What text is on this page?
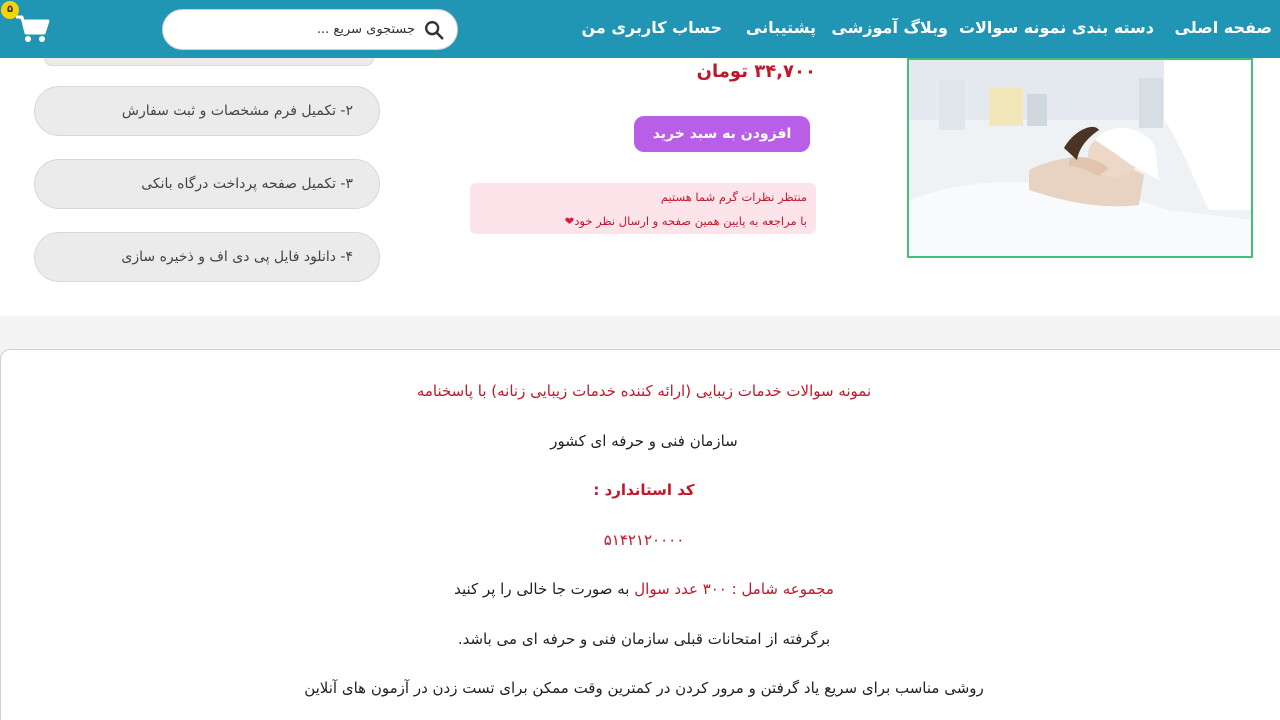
صفحه اصلی
دسته بندی نمونه سوالات
وبلاگ آموزشی
پشتیبانی
حساب کاربری من
جستجوی سریع ...
۵
۲- تکمیل فرم مشخصات و ثبت سفارش
۳- تکمیل صفحه پرداخت درگاه بانکی
۴- دانلود فایل پی دی اف و ذخیره سازی
۳۴,۷۰۰ تومان
افزودن به سبد خرید
منتظر نظرات گرم شما هستیم
با مراجعه به پایین همین صفحه و ارسال نظر خود❤
نمونه سوالات خدمات زیبایی (ارائه کننده خدمات زیبایی زنانه) با پاسخنامه
سازمان فنی و حرفه ای کشور
کد استاندارد :
۵۱۴۲۱۲۰۰۰۰
مجموعه شامل : ۳۰۰ عدد سوال به صورت جا خالی را پر کنید
برگرفته از امتحانات قبلی سازمان فنی و حرفه ای می باشد.
روشی مناسب برای سریع یاد گرفتن و مرور کردن در کمترین وقت ممکن برای تست زدن در آزمون های آنلاین
